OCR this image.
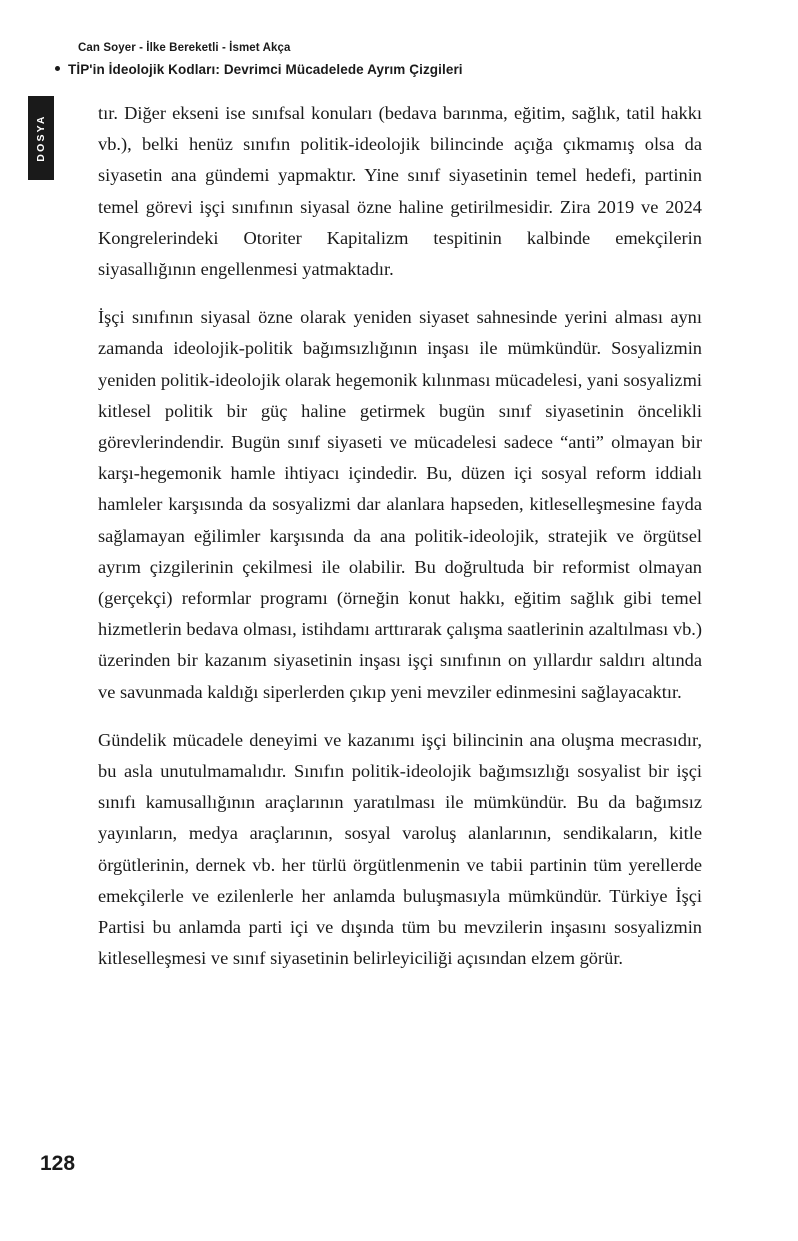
DOSYA
Can Soyer - İlke Bereketli - İsmet Akça
TİP'in İdeolojik Kodları: Devrimci Mücadelede Ayrım Çizgileri

tır. Diğer ekseni ise sınıfsal konuları (bedava barınma, eğitim, sağlık, tatil hakkı vb.), belki henüz sınıfın politik-ideolojik bilincinde açığa çıkmamış olsa da siyasetin ana gündemi yapmaktır. Yine sınıf siyasetinin temel hedefi, partinin temel görevi işçi sınıfının siyasal özne haline getirilmesidir. Zira 2019 ve 2024 Kongrelerindeki Otoriter Kapitalizm tespitinin kalbinde emekçilerin siyasallığının engellenmesi yatmaktadır.

İşçi sınıfının siyasal özne olarak yeniden siyaset sahnesinde yerini alması aynı zamanda ideolojik-politik bağımsızlığının inşası ile mümkündür. Sosyalizmin yeniden politik-ideolojik olarak hegemonik kılınması mücadelesi, yani sosyalizmi kitlesel politik bir güç haline getirmek bugün sınıf siyasetinin öncelikli görevlerindendir. Bugün sınıf siyaseti ve mücadelesi sadece “anti” olmayan bir karşı-hegemonik hamle ihtiyacı içindedir. Bu, düzen içi sosyal reform iddialı hamleler karşısında da sosyalizmi dar alanlara hapseden, kitleselleşmesine fayda sağlamayan eğilimler karşısında da ana politik-ideolojik, stratejik ve örgütsel ayrım çizgilerinin çekilmesi ile olabilir. Bu doğrultuda bir reformist olmayan (gerçekçi) reformlar programı (örneğin konut hakkı, eğitim sağlık gibi temel hizmetlerin bedava olması, istihdamı arttırarak çalışma saatlerinin azaltılması vb.) üzerinden bir kazanım siyasetinin inşası işçi sınıfının on yıllardır saldırı altında ve savunmada kaldığı siperlerden çıkıp yeni mevziler edinmesini sağlayacaktır.

Gündelik mücadele deneyimi ve kazanımı işçi bilincinin ana oluşma mecrasıdır, bu asla unutulmamalıdır. Sınıfın politik-ideolojik bağımsızlığı sosyalist bir işçi sınıfı kamusallığının araçlarının yaratılması ile mümkündür. Bu da bağımsız yayınların, medya araçlarının, sosyal varoluş alanlarının, sendikaların, kitle örgütlerinin, dernek vb. her türlü örgütlenmenin ve tabii partinin tüm yerellerde emekçilerle ve ezilenlerle her anlamda buluşmasıyla mümkündür. Türkiye İşçi Partisi bu anlamda parti içi ve dışında tüm bu mevzilerin inşasını sosyalizmin kitleselleşmesi ve sınıf siyasetinin belirleyiciliği açısından elzem görür.

128
